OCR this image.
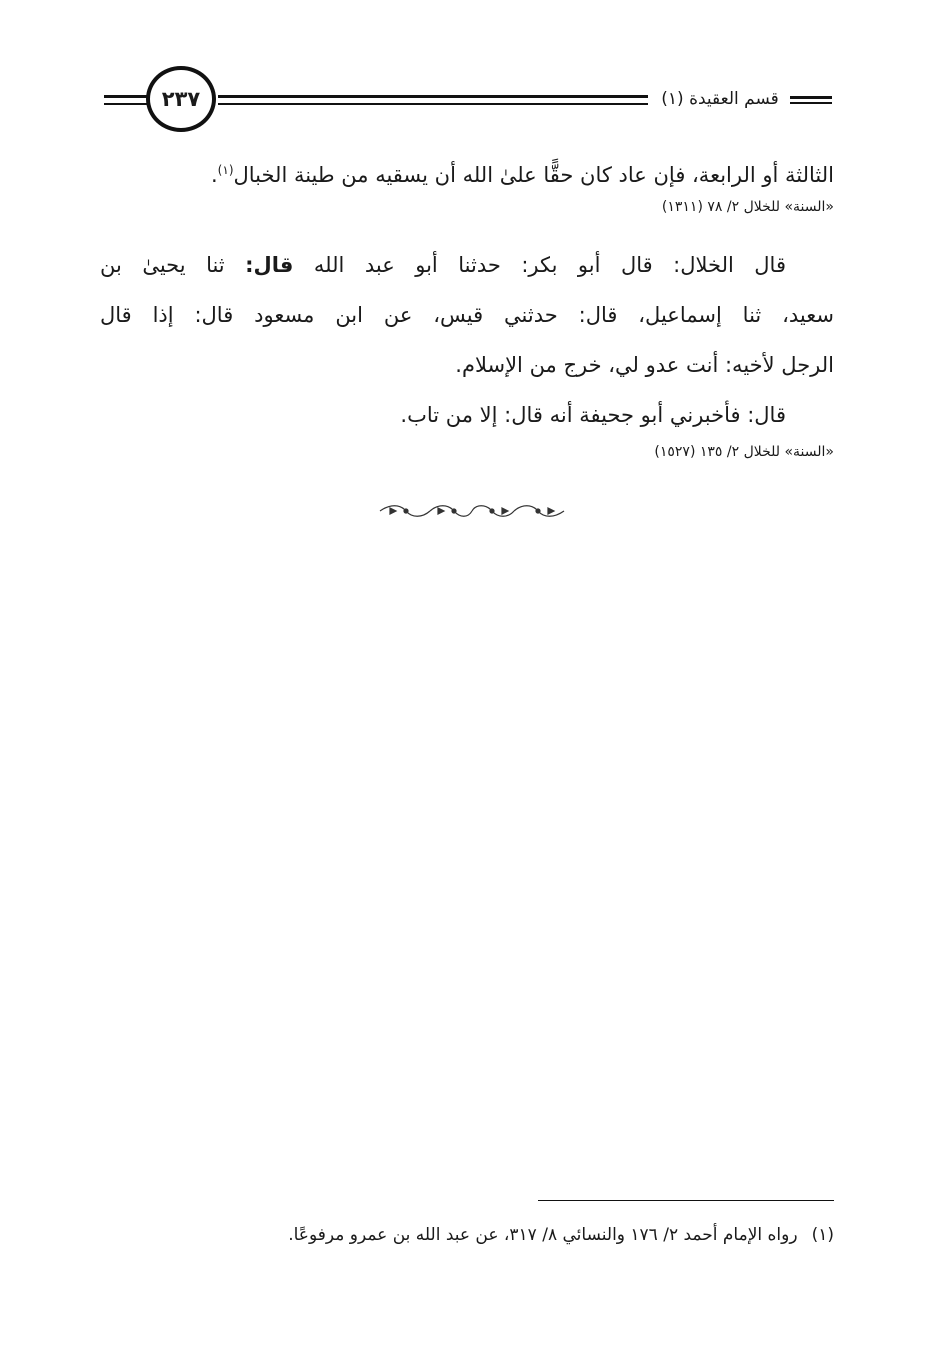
٢٣٧	قسم العقيدة (١)
الثالثة أو الرابعة، فإن عاد كان حقًّا علىٰ الله أن يسقيه من طينة الخبال$^{(١)}$.
«السنة» للخلال ٢/ ٧٨ (١٣١١)
قال الخلال: قال أبو بكر: حدثنا أبو عبد الله قال: ثنا يحيىٰ بن
سعيد، ثنا إسماعيل، قال: حدثني قيس، عن ابن مسعود قال: إذا قال
الرجل لأخيه: أنت عدو لي، خرج من الإسلام.
قال: فأخبرني أبو جحيفة أنه قال: إلا من تاب.
«السنة» للخلال ٢/ ١٣٥ (١٥٢٧)
(١)رواه الإمام أحمد ٢/ ١٧٦ والنسائي ٨/ ٣١٧، عن عبد الله بن عمرو مرفوعًا.
